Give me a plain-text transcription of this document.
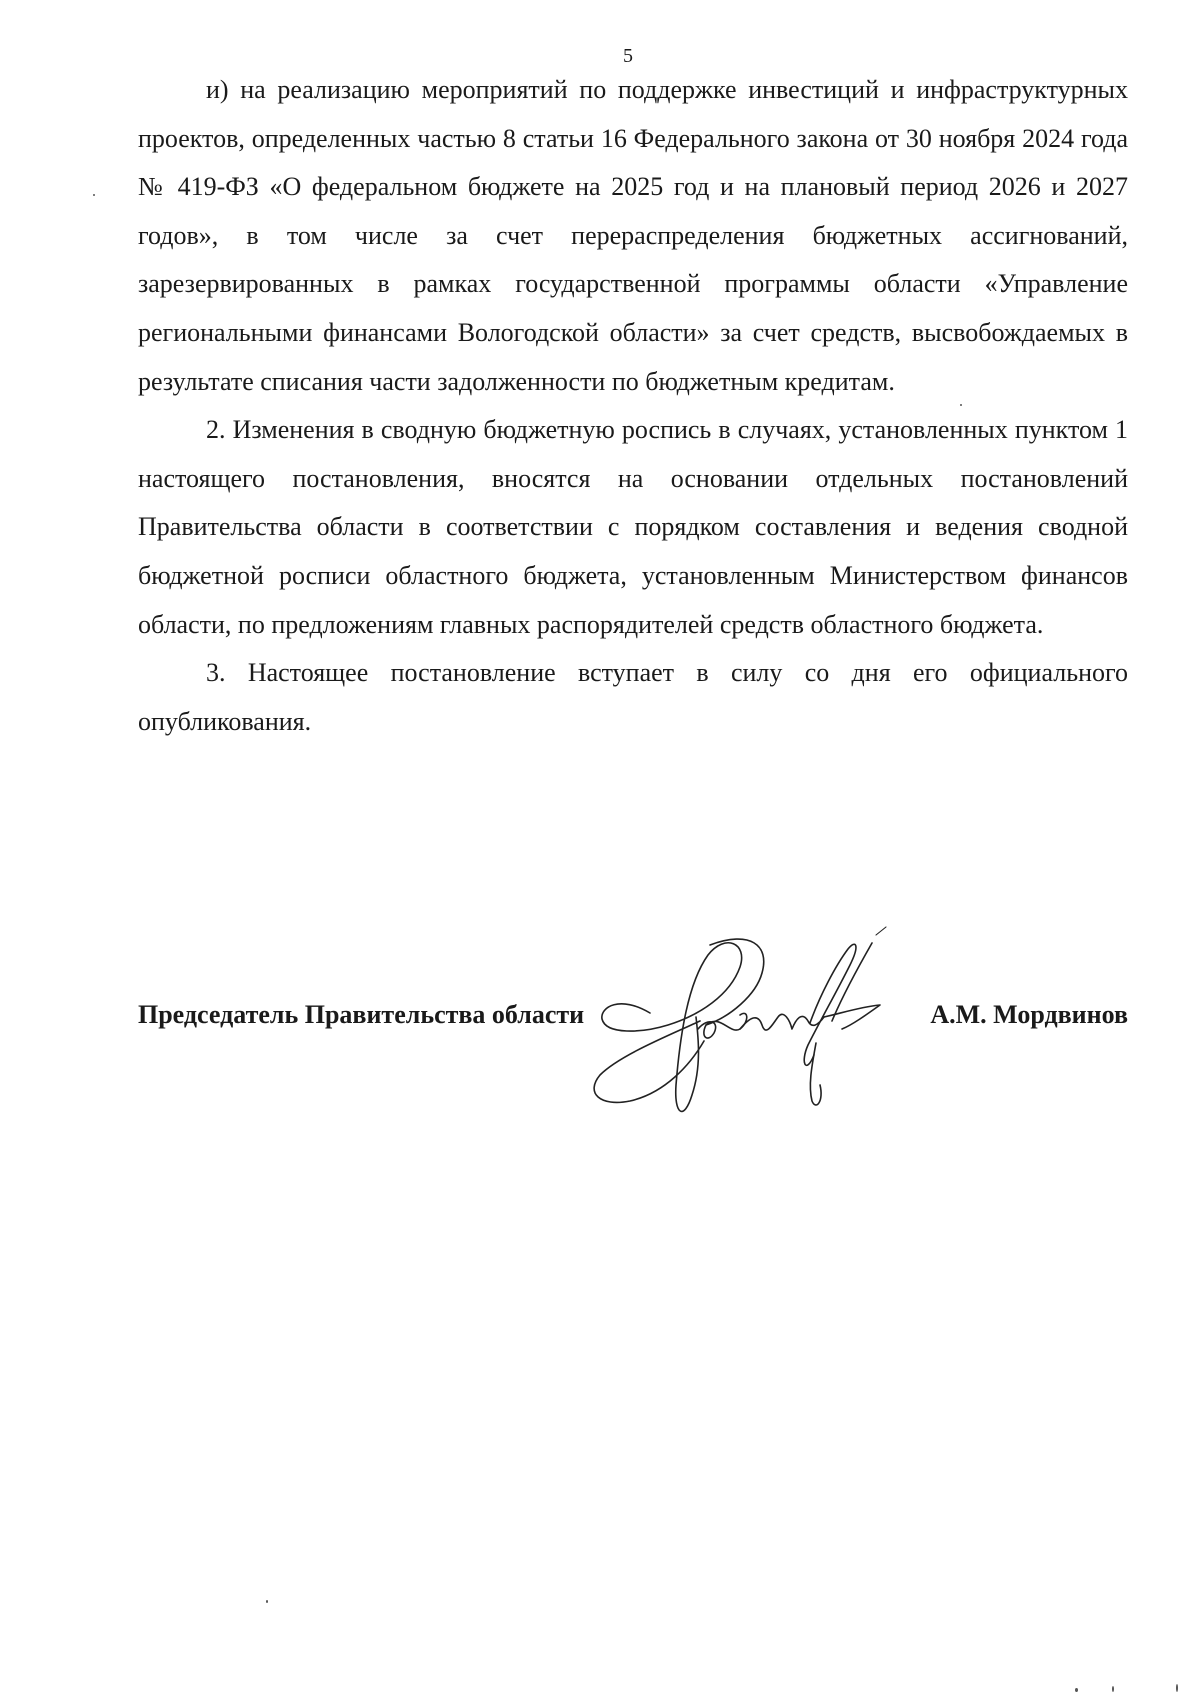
5

и) на реализацию мероприятий по поддержке инвестиций и инфраструктурных проектов, определенных частью 8 статьи 16 Федерального закона от 30 ноября 2024 года № 419-ФЗ «О федеральном бюджете на 2025 год и на плановый период 2026 и 2027 годов», в том числе за счет перераспределения бюджетных ассигнований, зарезервированных в рамках государственной программы области «Управление региональными финансами Вологодской области» за счет средств, высвобождаемых в результате списания части задолженности по бюджетным кредитам.

2. Изменения в сводную бюджетную роспись в случаях, установленных пунктом 1 настоящего постановления, вносятся на основании отдельных постановлений Правительства области в соответствии с порядком составления и ведения сводной бюджетной росписи областного бюджета, установленным Министерством финансов области, по предложениям главных распорядителей средств областного бюджета.

3. Настоящее постановление вступает в силу со дня его официального опубликования.

Председатель Правительства области	А.М. Мордвинов
